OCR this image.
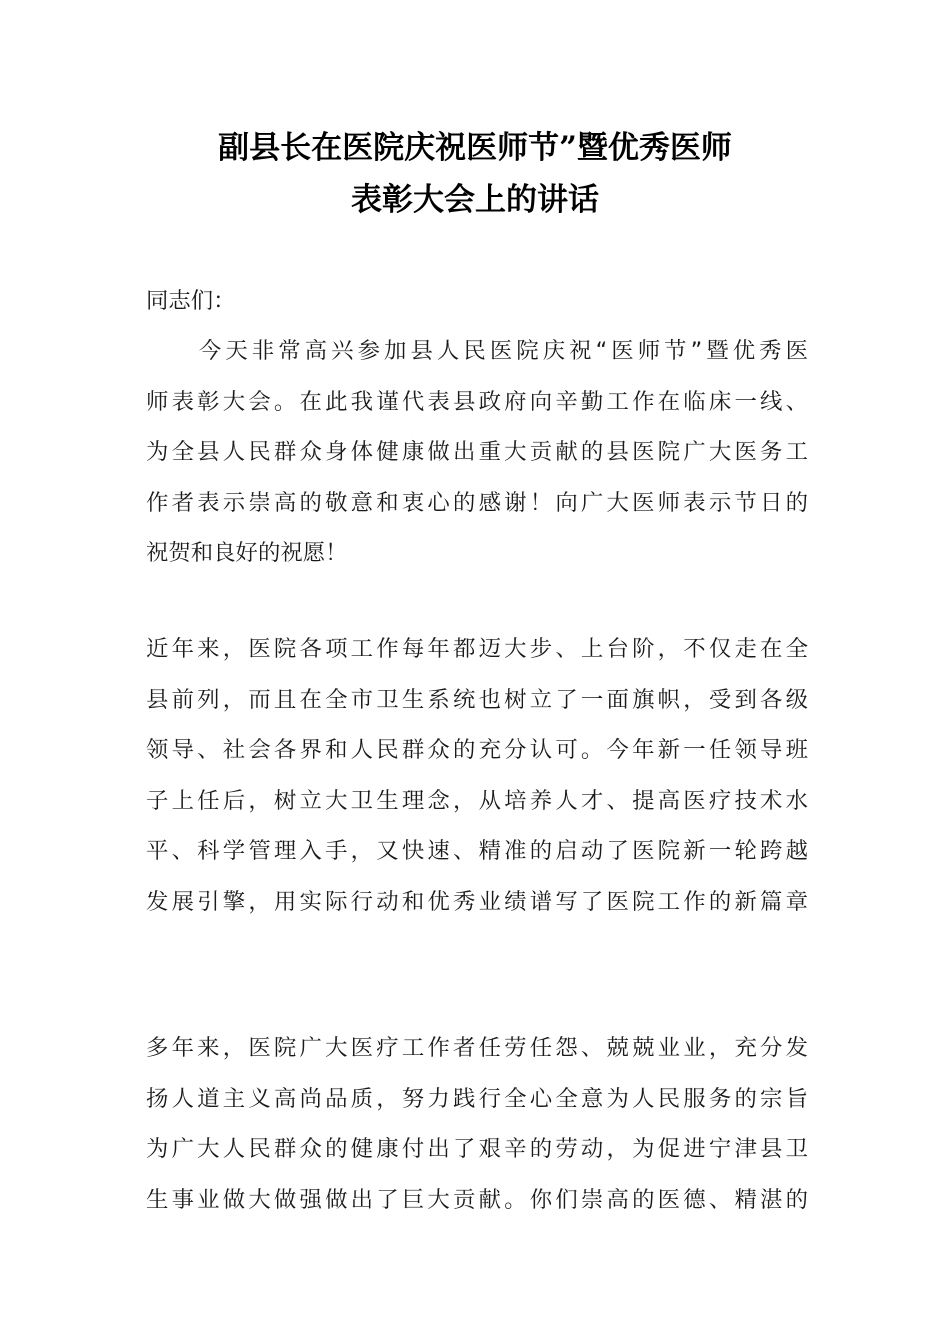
副县长在医院庆祝医师节”暨优秀医师
表彰大会上的讲话

同志们：

　　今天非常高兴参加县人民医院庆祝“医师节”暨优秀医
师表彰大会。在此我谨代表县政府向辛勤工作在临床一线、
为全县人民群众身体健康做出重大贡献的县医院广大医务工
作者表示崇高的敬意和衷心的感谢！向广大医师表示节日的
祝贺和良好的祝愿！

近年来，医院各项工作每年都迈大步、上台阶，不仅走在全
县前列，而且在全市卫生系统也树立了一面旗帜，受到各级
领导、社会各界和人民群众的充分认可。今年新一任领导班
子上任后，树立大卫生理念，从培养人才、提高医疗技术水
平、科学管理入手，又快速、精准的启动了医院新一轮跨越
发展引擎，用实际行动和优秀业绩谱写了医院工作的新篇章

多年来，医院广大医疗工作者任劳任怨、兢兢业业，充分发
扬人道主义高尚品质，努力践行全心全意为人民服务的宗旨
为广大人民群众的健康付出了艰辛的劳动，为促进宁津县卫
生事业做大做强做出了巨大贡献。你们崇高的医德、精湛的
